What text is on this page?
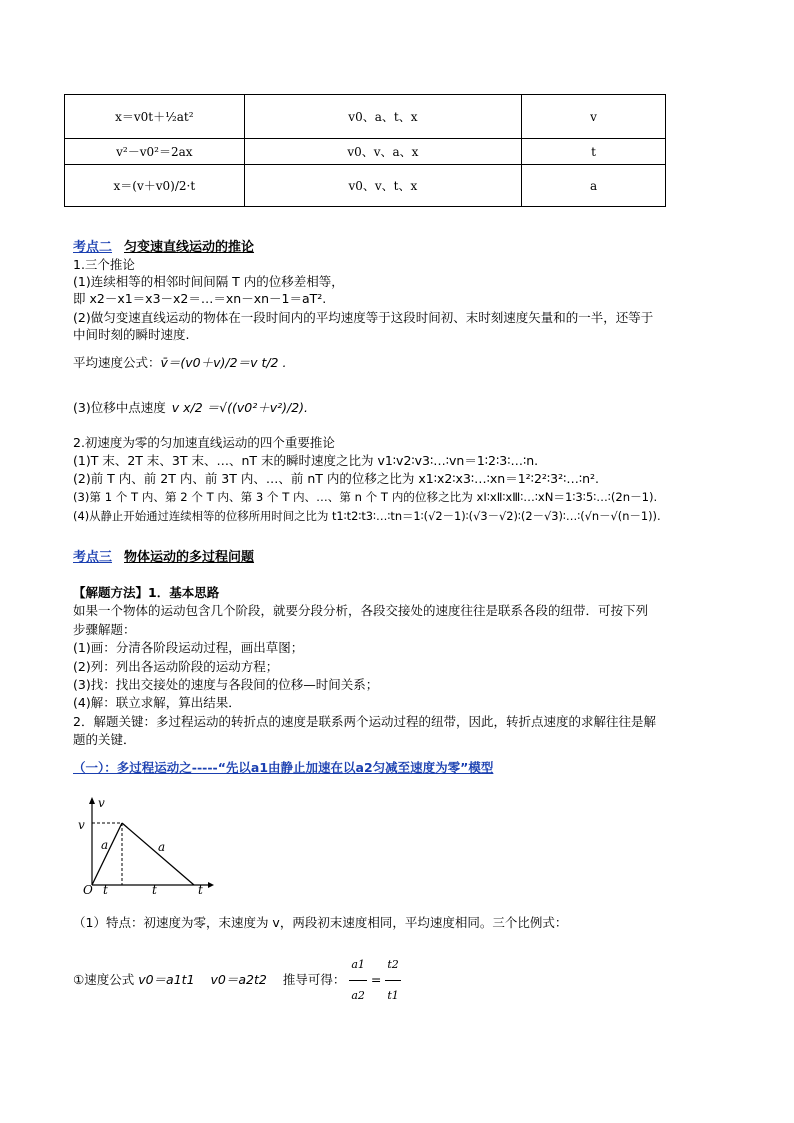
x＝v0t＋½at²	v0、a、t、x	v
v²－v0²＝2ax	v0、v、a、x	t
x＝(v＋v0)/2·t	v0、v、t、x	a
考点二 匀变速直线运动的推论
1.三个推论
(1)连续相等的相邻时间间隔 T 内的位移差相等，
即 x2－x1＝x3－x2＝…＝xn－xn－1＝aT².
(2)做匀变速直线运动的物体在一段时间内的平均速度等于这段时间初、末时刻速度矢量和的一半，还等于
中间时刻的瞬时速度.
平均速度公式：v̄＝(v0＋v)/2＝v t/2 .
(3)位移中点速度 v x/2 ＝√((v0²＋v²)/2).
2.初速度为零的匀加速直线运动的四个重要推论
(1)T 末、2T 末、3T 末、…、nT 末的瞬时速度之比为 v1∶v2∶v3∶…∶vn＝1∶2∶3∶…∶n.
(2)前 T 内、前 2T 内、前 3T 内、…、前 nT 内的位移之比为 x1∶x2∶x3∶…∶xn＝1²∶2²∶3²∶…∶n².
(3)第 1 个 T 内、第 2 个 T 内、第 3 个 T 内、…、第 n 个 T 内的位移之比为 xⅠ∶xⅡ∶xⅢ∶…∶xN＝1∶3∶5∶…∶(2n－1).
(4)从静止开始通过连续相等的位移所用时间之比为 t1∶t2∶t3∶…∶tn＝1∶(√2－1)∶(√3－√2)∶(2－√3)∶…∶(√n－√(n－1)).
考点三 物体运动的多过程问题
【解题方法】1．基本思路
如果一个物体的运动包含几个阶段，就要分段分析，各段交接处的速度往往是联系各段的纽带．可按下列
步骤解题：
(1)画：分清各阶段运动过程，画出草图；
(2)列：列出各运动阶段的运动方程；
(3)找：找出交接处的速度与各段间的位移—时间关系；
(4)解：联立求解，算出结果．
2．解题关键：多过程运动的转折点的速度是联系两个运动过程的纽带，因此，转折点速度的求解往往是解
题的关键．
（一）：多过程运动之-----“先以a1由静止加速在以a2匀减至速度为零”模型
v
v
a	a
O t	t	t
（1）特点：初速度为零，末速度为 v，两段初末速度相同，平均速度相同。三个比例式：
①速度公式 v0＝a1t1 v0＝a2t2 推导可得： $\frac{a1}{a2} = \frac{t2}{t1}$
